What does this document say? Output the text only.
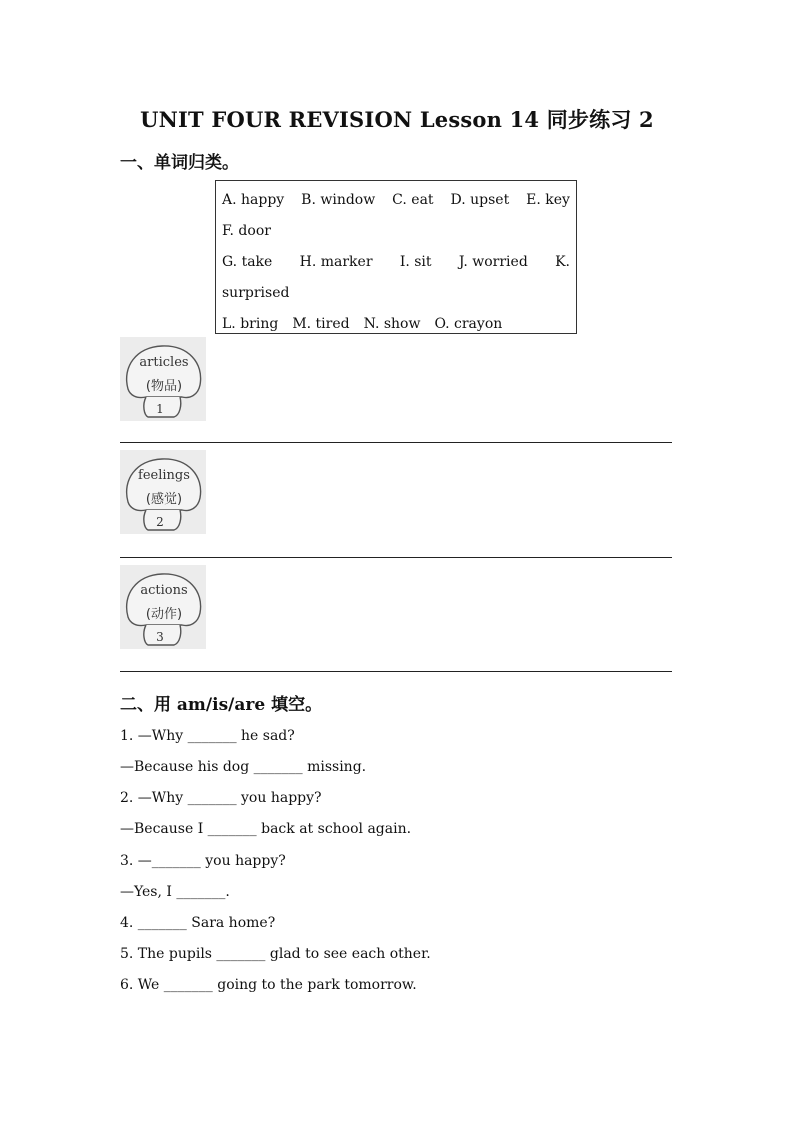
UNIT FOUR REVISION Lesson 14 同步练习 2
一、单词归类。
A. happy B. window C. eat D. upset E. key
F. door
G. take H. marker I. sit J. worried K.
surprised
L. bring M. tired N. show O. crayon
articles
(物品)
1
feelings
(感觉)
2
actions
(动作)
3
二、用 am/is/are 填空。
1. —Why _______ he sad?
—Because his dog _______ missing.
2. —Why _______ you happy?
—Because I _______ back at school again.
3. —_______ you happy?
—Yes, I _______.
4. _______ Sara home?
5. The pupils _______ glad to see each other.
6. We _______ going to the park tomorrow.
